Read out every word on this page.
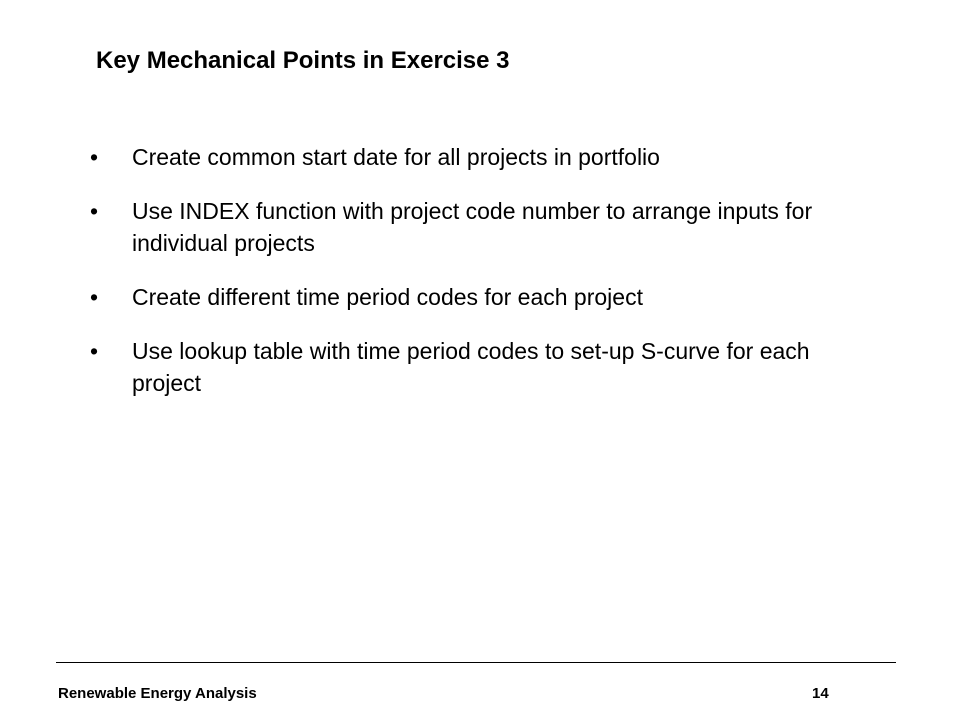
Key Mechanical Points in Exercise 3
• Create common start date for all projects in portfolio
• Use INDEX function with project code number to arrange inputs for individual projects
• Create different time period codes for each project
• Use lookup table with time period codes to set-up S-curve for each project
Renewable Energy Analysis	14
